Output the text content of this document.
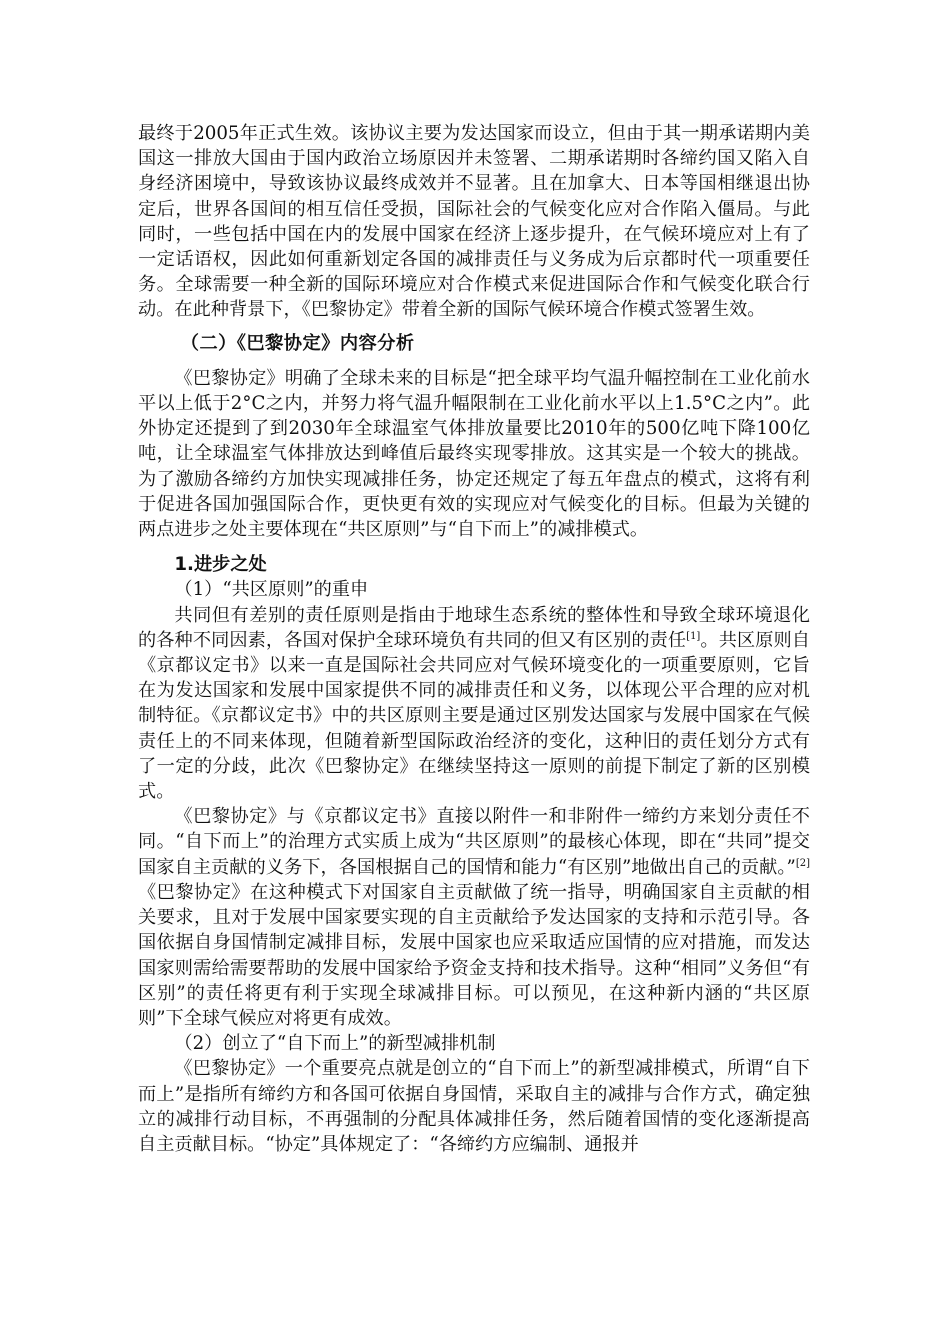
最终于2005年正式生效。该协议主要为发达国家而设立，但由于其一期承诺期内美国这一排放大国由于国内政治立场原因并未签署、二期承诺期时各缔约国又陷入自身经济困境中，导致该协议最终成效并不显著。且在加拿大、日本等国相继退出协定后，世界各国间的相互信任受损，国际社会的气候变化应对合作陷入僵局。与此同时，一些包括中国在内的发展中国家在经济上逐步提升，在气候环境应对上有了一定话语权，因此如何重新划定各国的减排责任与义务成为后京都时代一项重要任务。全球需要一种全新的国际环境应对合作模式来促进国际合作和气候变化联合行动。在此种背景下，《巴黎协定》带着全新的国际气候环境合作模式签署生效。

（二）《巴黎协定》内容分析

《巴黎协定》明确了全球未来的目标是“把全球平均气温升幅控制在工业化前水平以上低于2°C之内，并努力将气温升幅限制在工业化前水平以上1.5°C之内”。此外协定还提到了到2030年全球温室气体排放量要比2010年的500亿吨下降100亿吨，让全球温室气体排放达到峰值后最终实现零排放。这其实是一个较大的挑战。为了激励各缔约方加快实现减排任务，协定还规定了每五年盘点的模式，这将有利于促进各国加强国际合作，更快更有效的实现应对气候变化的目标。但最为关键的两点进步之处主要体现在“共区原则”与“自下而上”的减排模式。

1.进步之处

（1）“共区原则”的重申

共同但有差别的责任原则是指由于地球生态系统的整体性和导致全球环境退化的各种不同因素，各国对保护全球环境负有共同的但又有区别的责任[1]。共区原则自《京都议定书》以来一直是国际社会共同应对气候环境变化的一项重要原则，它旨在为发达国家和发展中国家提供不同的减排责任和义务，以体现公平合理的应对机制特征。《京都议定书》中的共区原则主要是通过区别发达国家与发展中国家在气候责任上的不同来体现，但随着新型国际政治经济的变化，这种旧的责任划分方式有了一定的分歧，此次《巴黎协定》在继续坚持这一原则的前提下制定了新的区别模式。

《巴黎协定》与《京都议定书》直接以附件一和非附件一缔约方来划分责任不同。“自下而上”的治理方式实质上成为“共区原则”的最核心体现，即在“共同”提交国家自主贡献的义务下，各国根据自己的国情和能力“有区别”地做出自己的贡献。”[2]《巴黎协定》在这种模式下对国家自主贡献做了统一指导，明确国家自主贡献的相关要求，且对于发展中国家要实现的自主贡献给予发达国家的支持和示范引导。各国依据自身国情制定减排目标，发展中国家也应采取适应国情的应对措施，而发达国家则需给需要帮助的发展中国家给予资金支持和技术指导。这种“相同”义务但“有区别”的责任将更有利于实现全球减排目标。可以预见，在这种新内涵的“共区原则”下全球气候应对将更有成效。

（2）创立了“自下而上”的新型减排机制

《巴黎协定》一个重要亮点就是创立的“自下而上”的新型减排模式，所谓“自下而上”是指所有缔约方和各国可依据自身国情，采取自主的减排与合作方式，确定独立的减排行动目标，不再强制的分配具体减排任务，然后随着国情的变化逐渐提高自主贡献目标。“协定”具体规定了：“各缔约方应编制、通报并
